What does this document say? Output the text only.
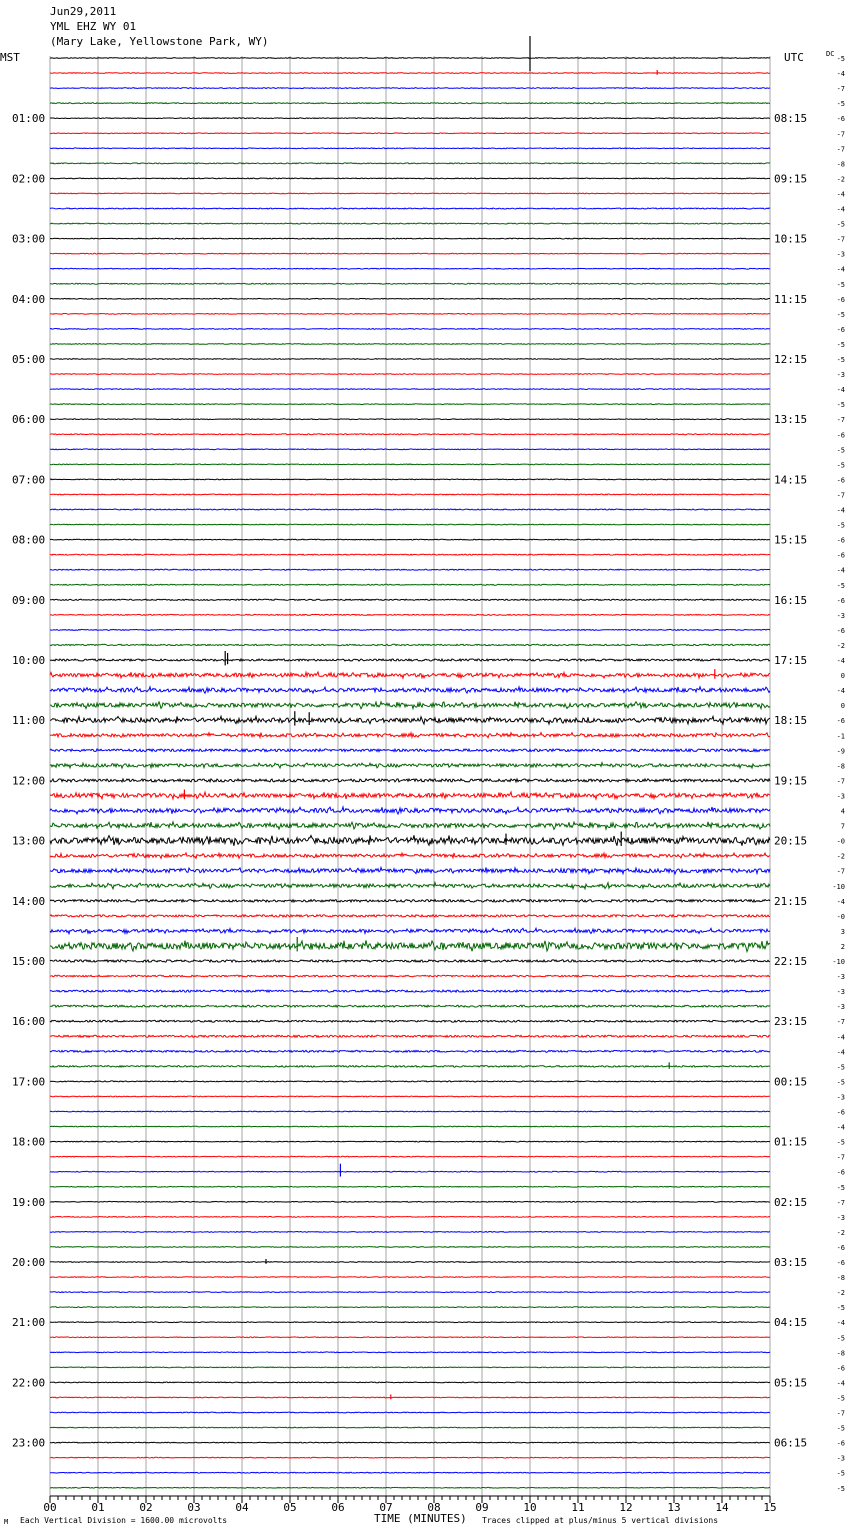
Jun29,2011
YML EHZ WY 01
(Mary Lake, Yellowstone Park, WY)
01:00
02:00
03:00
04:00
05:00
06:00
07:00
08:00
09:00
10:00
11:00
12:00
13:00
14:00
15:00
16:00
17:00
18:00
19:00
20:00
21:00
22:00
23:00
08:15
09:15
10:15
11:15
12:15
13:15
14:15
15:15
16:15
17:15
18:15
19:15
20:15
21:15
22:15
23:15
00:15
01:15
02:15
03:15
04:15
05:15
06:15
-5
-4
-7
-5
-6
-7
-7
-8
-2
-4
-4
-5
-7
-3
-4
-5
-6
-5
-6
-5
-5
-3
-4
-5
-7
-6
-5
-5
-6
-7
-4
-5
-6
-6
-4
-5
-6
-3
-6
-2
-4
0
-4
0
-6
-1
-9
-8
-7
-3
4
7
-0
-2
-7
-10
-4
-0
3
2
-10
-3
-3
-3
-7
-4
-4
-5
-5
-3
-6
-4
-5
-7
-6
-5
-7
-3
-2
-6
-6
-8
-2
-5
-4
-5
-8
-6
-4
-5
-7
-5
-6
-3
-5
-5
00	01	02	03	04	05	06	07	08	09	10	11	12	13	14	15
MST	UTC	DC
TIME (MINUTES)
M Each Vertical Division = 1600.00 microvolts	Traces clipped at plus/minus 5 vertical divisions
